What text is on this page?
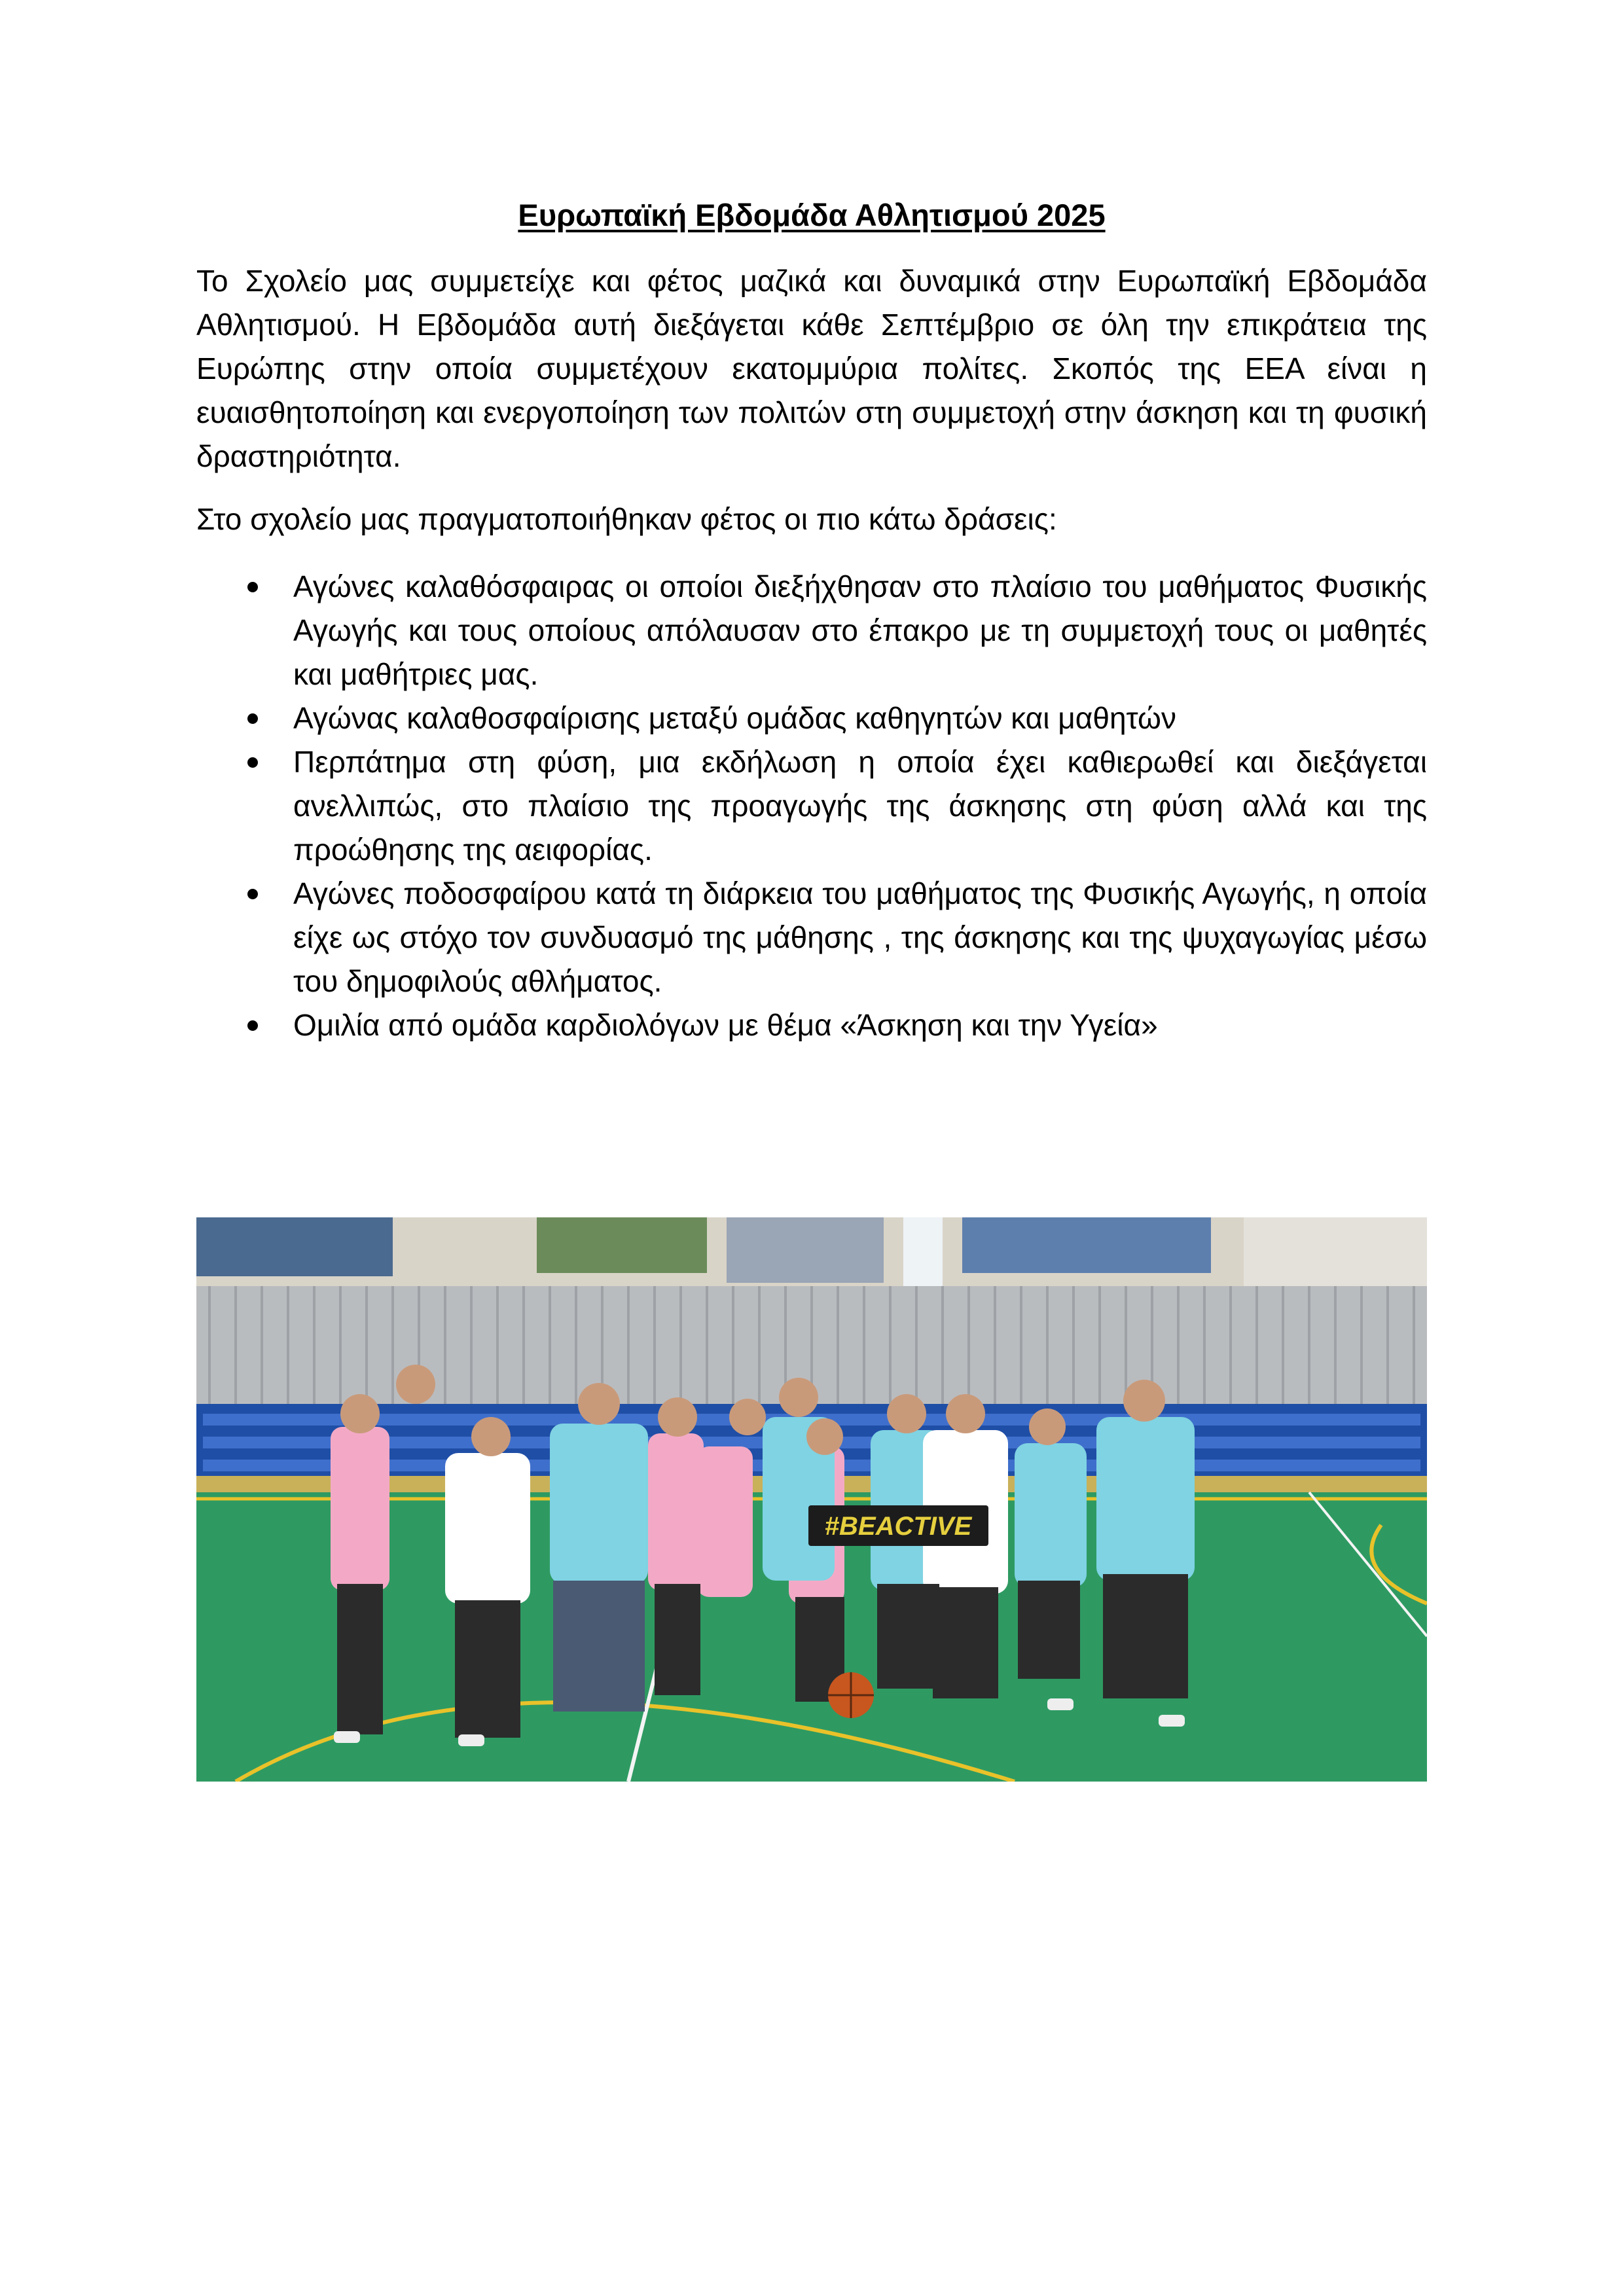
Ευρωπαϊκή Εβδομάδα Αθλητισμού 2025

Το Σχολείο μας συμμετείχε και φέτος μαζικά και δυναμικά στην Ευρωπαϊκή Εβδομάδα Αθλητισμού. Η Εβδομάδα αυτή διεξάγεται κάθε Σεπτέμβριο σε όλη την επικράτεια της Ευρώπης στην οποία συμμετέχουν εκατομμύρια πολίτες. Σκοπός της ΕΕΑ είναι η ευαισθητοποίηση και ενεργοποίηση των πολιτών στη συμμετοχή στην άσκηση και τη φυσική δραστηριότητα.

Στο σχολείο μας πραγματοποιήθηκαν φέτος οι πιο κάτω δράσεις:

Αγώνες καλαθόσφαιρας οι οποίοι διεξήχθησαν στο πλαίσιο του μαθήματος Φυσικής Αγωγής και τους οποίους απόλαυσαν στο έπακρο με τη συμμετοχή τους οι μαθητές και μαθήτριες μας.
Αγώνας καλαθοσφαίρισης μεταξύ ομάδας καθηγητών και μαθητών
Περπάτημα στη φύση, μια εκδήλωση η οποία έχει καθιερωθεί και διεξάγεται ανελλιπώς, στο πλαίσιο της προαγωγής της άσκησης στη φύση αλλά και της προώθησης της αειφορίας.
Αγώνες ποδοσφαίρου κατά τη διάρκεια του μαθήματος της Φυσικής Αγωγής, η οποία είχε ως στόχο τον συνδυασμό της μάθησης , της άσκησης και της ψυχαγωγίας μέσω του δημοφιλούς αθλήματος.
Ομιλία από ομάδα καρδιολόγων με θέμα «Άσκηση και την Υγεία»
#BEACTIVE
